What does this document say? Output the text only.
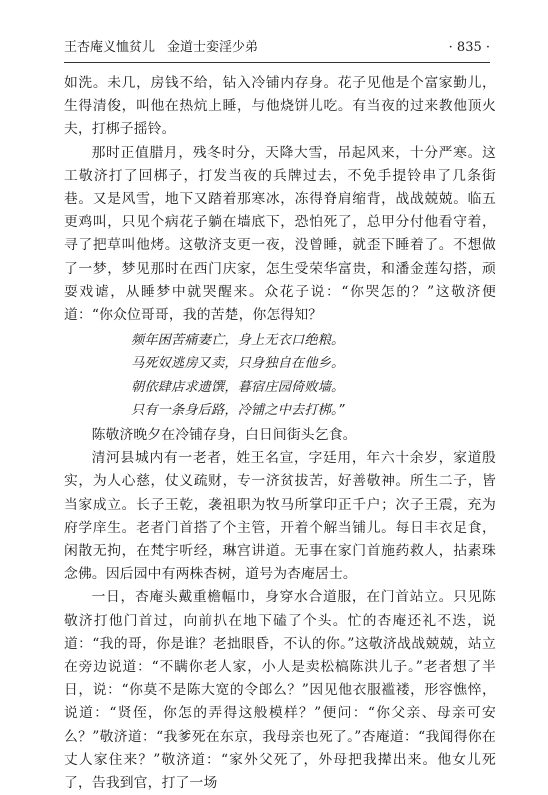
王杏庵义恤贫儿 金道士娈淫少弟	· 835 ·

如洗。未几，房钱不给，钻入冷铺内存身。花子见他是个富家勤儿，生得清俊，叫他在热炕上睡，与他烧饼儿吃。有当夜的过来教他顶火夫，打梆子摇铃。

那时正值腊月，残冬时分，天降大雪，吊起风来，十分严寒。这工敬济打了回梆子，打发当夜的兵牌过去，不免手提铃串了几条街巷。又是风雪，地下又踏着那寒冰，冻得脊肩缩背，战战兢兢。临五更鸡叫，只见个病花子躺在墙底下，恐怕死了，总甲分付他看守着，寻了把草叫他烤。这敬济支更一夜，没曾睡，就歪下睡着了。不想做了一梦，梦见那时在西门庆家，怎生受荣华富贵，和潘金莲勾搭，顽耍戏谑，从睡梦中就哭醒来。众花子说：“你哭怎的？”这敬济便道：“你众位哥哥，我的苦楚，你怎得知？

频年困苦痛妻亡，身上无衣口绝粮。
马死奴逃房又卖，只身独自在他乡。
朝依肆店求遗馔，暮宿庄园倚败墙。
只有一条身后路，冷铺之中去打梆。”

陈敬济晚夕在冷铺存身，白日间街头乞食。

清河县城内有一老者，姓王名宣，字廷用，年六十余岁，家道殷实，为人心慈，仗义疏财，专一济贫拔苦，好善敬神。所生二子，皆当家成立。长子王乾，袭祖职为牧马所掌印正千户；次子王震，充为府学庠生。老者门首搭了个主管，开着个解当铺儿。每日丰衣足食，闲散无拘，在梵宇听经，琳宫讲道。无事在家门首施药救人，拈素珠念佛。因后园中有两株杏树，道号为杏庵居士。

一日，杏庵头戴重檐幅巾，身穿水合道服，在门首站立。只见陈敬济打他门首过，向前扒在地下磕了个头。忙的杏庵还礼不迭，说道：“我的哥，你是谁？老拙眼昏，不认的你。”这敬济战战兢兢，站立在旁边说道：“不瞒你老人家，小人是卖松槁陈洪儿子。”老者想了半日，说：“你莫不是陈大宽的令郎么？”因见他衣服褴褛，形容憔悴，说道：“贤侄，你怎的弄得这般模样？”便问：“你父亲、母亲可安么？”敬济道：“我爹死在东京，我母亲也死了。”杏庵道：“我闻得你在丈人家住来？”敬济道：“家外父死了，外母把我撵出来。他女儿死了，告我到官，打了一场
